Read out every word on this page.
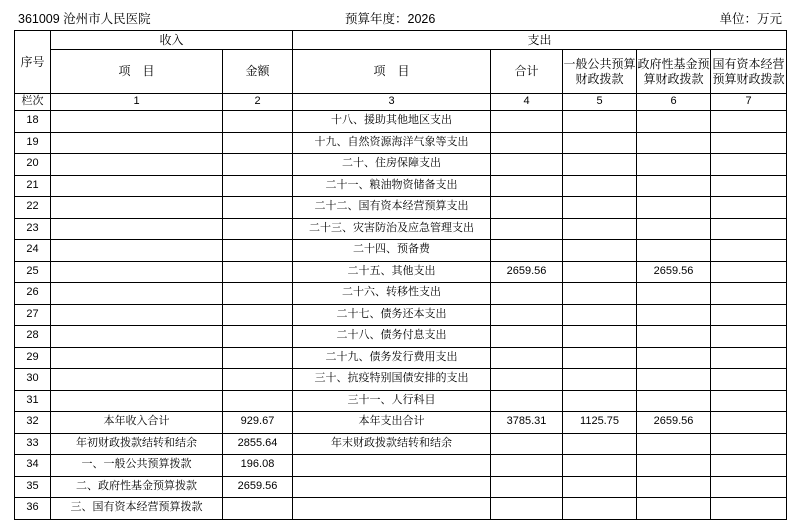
361009 沧州市人民医院	预算年度：2026	单位：万元
序号	收入		支出				
	项　目	金额	项　目	合计	一般公共预算财政拨款	政府性基金预算财政拨款	国有资本经营预算财政拨款
栏次	1	2	3	4	5	6	7
18			十八、援助其他地区支出				
19			十九、自然资源海洋气象等支出				
20			二十、住房保障支出				
21			二十一、粮油物资储备支出				
22			二十二、国有资本经营预算支出				
23			二十三、灾害防治及应急管理支出				
24			二十四、预备费				
25			二十五、其他支出	2659.56		2659.56	
26			二十六、转移性支出				
27			二十七、债务还本支出				
28			二十八、债务付息支出				
29			二十九、债务发行费用支出				
30			三十、抗疫特别国债安排的支出				
31			三十一、人行科目				
32	本年收入合计	929.67	本年支出合计	3785.31	1125.75	2659.56	
33	年初财政拨款结转和结余	2855.64	年末财政拨款结转和结余				
34	一、一般公共预算拨款	196.08					
35	二、政府性基金预算拨款	2659.56					
36	三、国有资本经营预算拨款						
